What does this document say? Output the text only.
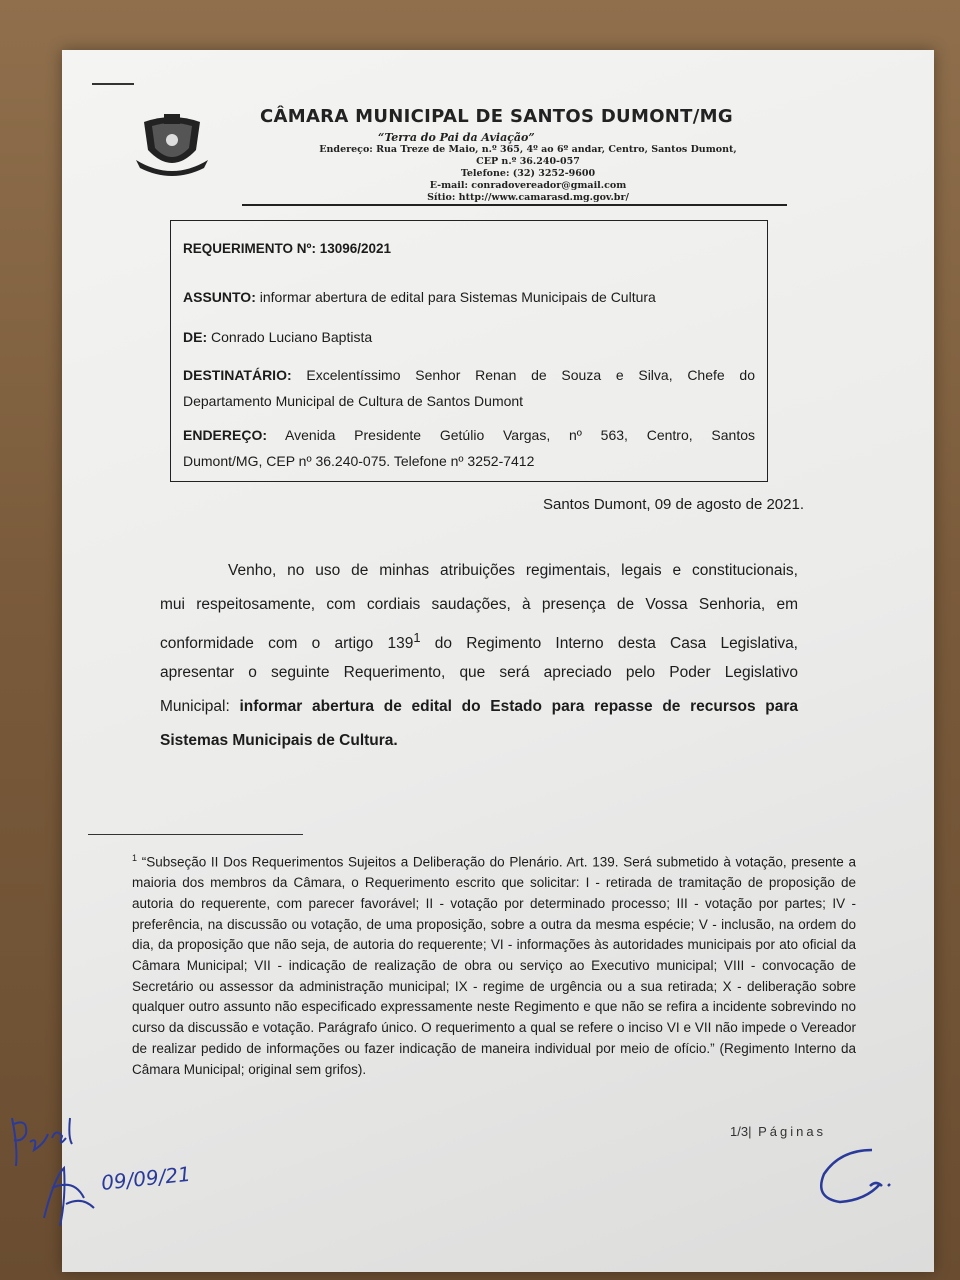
CÂMARA MUNICIPAL DE SANTOS DUMONT/MG
“Terra do Pai da Aviação”
Endereço: Rua Treze de Maio, n.º 365, 4º ao 6º andar, Centro, Santos Dumont,
CEP n.º 36.240-057
Telefone: (32) 3252-9600
E-mail: conradovereador@gmail.com
Sítio: http://www.camarasd.mg.gov.br/
REQUERIMENTO Nº: 13096/2021
ASSUNTO: informar abertura de edital para Sistemas Municipais de Cultura
DE: Conrado Luciano Baptista
DESTINATÁRIO: Excelentíssimo Senhor Renan de Souza e Silva, Chefe do
Departamento Municipal de Cultura de Santos Dumont
ENDEREÇO: Avenida Presidente Getúlio Vargas, nº 563, Centro, Santos
Dumont/MG, CEP nº 36.240-075. Telefone nº 3252-7412
Santos Dumont, 09 de agosto de 2021.
Venho, no uso de minhas atribuições regimentais, legais e constitucionais,
mui respeitosamente, com cordiais saudações, à presença de Vossa Senhoria, em
conformidade com o artigo $139^1$ do Regimento Interno desta Casa Legislativa,
apresentar o seguinte Requerimento, que será apreciado pelo Poder Legislativo
Municipal: informar abertura de edital do Estado para repasse de recursos para
Sistemas Municipais de Cultura.
$^1$ “Subseção II Dos Requerimentos Sujeitos a Deliberação do Plenário. Art. 139. Será submetido à votação, presente a maioria dos membros da Câmara, o Requerimento escrito que solicitar: I - retirada de tramitação de proposição de autoria do requerente, com parecer favorável; II - votação por determinado processo; III - votação por partes; IV - preferência, na discussão ou votação, de uma proposição, sobre a outra da mesma espécie; V - inclusão, na ordem do dia, da proposição que não seja, de autoria do requerente; VI - informações às autoridades municipais por ato oficial da Câmara Municipal; VII - indicação de realização de obra ou serviço ao Executivo municipal; VIII - convocação de Secretário ou assessor da administração municipal; IX - regime de urgência ou a sua retirada; X - deliberação sobre qualquer outro assunto não especificado expressamente neste Regimento e que não se refira a incidente sobrevindo no curso da discussão e votação. Parágrafo único. O requerimento a qual se refere o inciso VI e VII não impede o Vereador de realizar pedido de informações ou fazer indicação de maneira individual por meio de ofício.” (Regimento Interno da Câmara Municipal; original sem grifos).
1/3| Páginas
09/09/21
